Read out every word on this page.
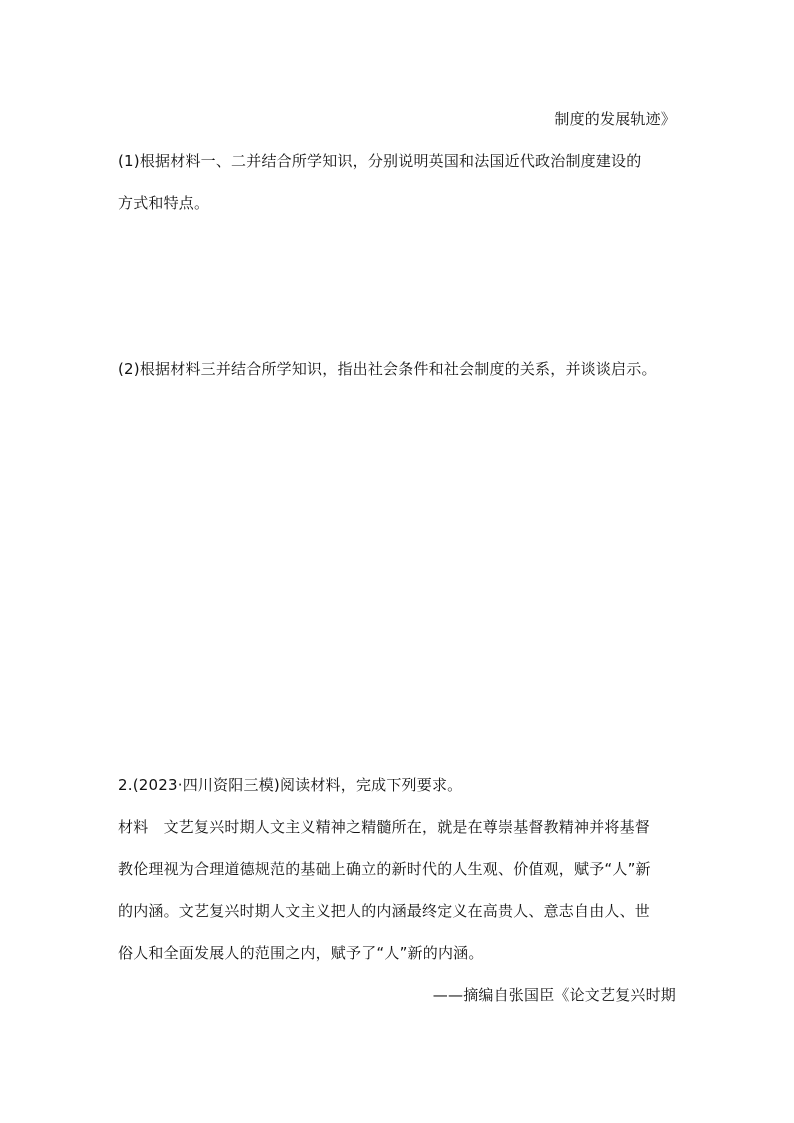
制度的发展轨迹》
(1)根据材料一、二并结合所学知识，分别说明英国和法国近代政治制度建设的
方式和特点。
(2)根据材料三并结合所学知识，指出社会条件和社会制度的关系，并谈谈启示。
2.(2023·四川资阳三模)阅读材料，完成下列要求。
材料　文艺复兴时期人文主义精神之精髓所在，就是在尊崇基督教精神并将基督
教伦理视为合理道德规范的基础上确立的新时代的人生观、价值观，赋予“人”新
的内涵。文艺复兴时期人文主义把人的内涵最终定义在高贵人、意志自由人、世
俗人和全面发展人的范围之内，赋予了“人”新的内涵。
——摘编自张国臣《论文艺复兴时期
